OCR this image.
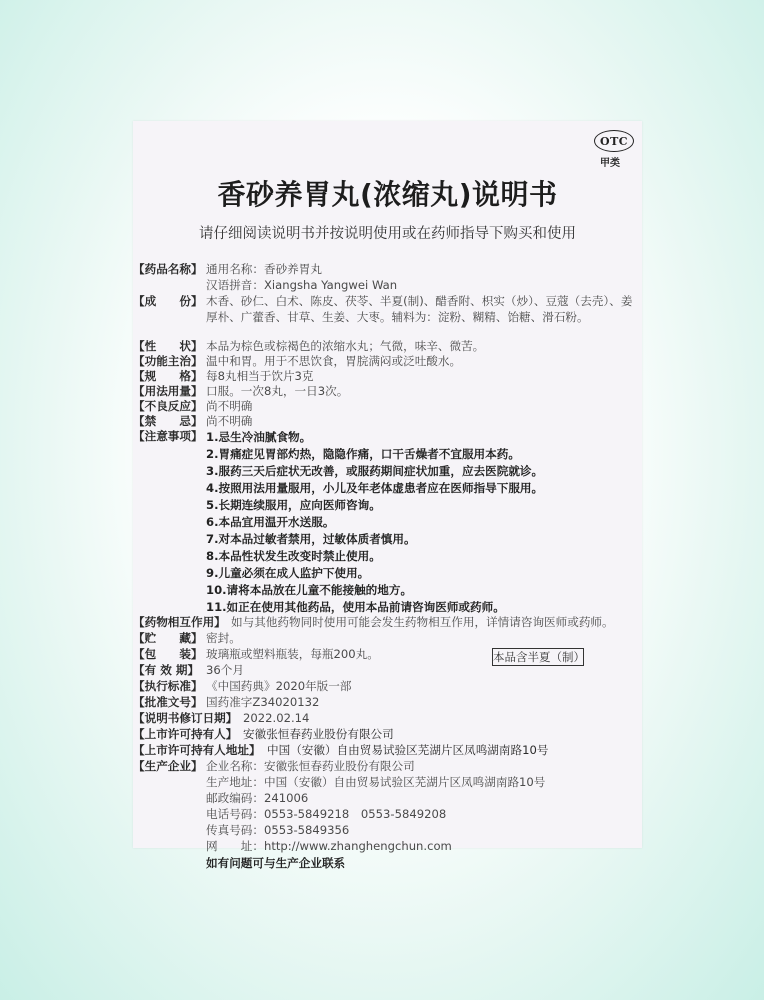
OTC
甲类
香砂养胃丸(浓缩丸)说明书
请仔细阅读说明书并按说明使用或在药师指导下购买和使用
【药品名称】 通用名称：香砂养胃丸
汉语拼音：Xiangsha Yangwei Wan
【成　　份】 木香、砂仁、白术、陈皮、茯苓、半夏(制)、醋香附、枳实（炒）、豆蔻（去壳）、姜厚朴、广藿香、甘草、生姜、大枣。辅料为：淀粉、糊精、饴糖、滑石粉。
【性　　状】 本品为棕色或棕褐色的浓缩水丸；气微，味辛、微苦。
【功能主治】 温中和胃。用于不思饮食，胃脘满闷或泛吐酸水。
【规　　格】 每8丸相当于饮片3克
【用法用量】 口服。一次8丸，一日3次。
【不良反应】 尚不明确
【禁　　忌】 尚不明确
【注意事项】 1.忌生冷油腻食物。
2.胃痛症见胃部灼热，隐隐作痛，口干舌燥者不宜服用本药。
3.服药三天后症状无改善，或服药期间症状加重，应去医院就诊。
4.按照用法用量服用，小儿及年老体虚患者应在医师指导下服用。
5.长期连续服用，应向医师咨询。
6.本品宜用温开水送服。
7.对本品过敏者禁用，过敏体质者慎用。
8.本品性状发生改变时禁止使用。
9.儿童必须在成人监护下使用。
10.请将本品放在儿童不能接触的地方。
11.如正在使用其他药品，使用本品前请咨询医师或药师。
【药物相互作用】 如与其他药物同时使用可能会发生药物相互作用，详情请咨询医师或药师。
【贮　　藏】 密封。
【包　　装】 玻璃瓶或塑料瓶装，每瓶200丸。	本品含半夏（制）
【有 效 期】 36个月
【执行标准】 《中国药典》2020年版一部
【批准文号】 国药准字Z34020132
【说明书修订日期】 2022.02.14
【上市许可持有人】 安徽张恒春药业股份有限公司
【上市许可持有人地址】 中国（安徽）自由贸易试验区芜湖片区凤鸣湖南路10号
【生产企业】 企业名称：安徽张恒春药业股份有限公司
生产地址：中国（安徽）自由贸易试验区芜湖片区凤鸣湖南路10号
邮政编码：241006
电话号码：0553-5849218　0553-5849208
传真号码：0553-5849356
网　　址：http://www.zhanghengchun.com
如有问题可与生产企业联系
